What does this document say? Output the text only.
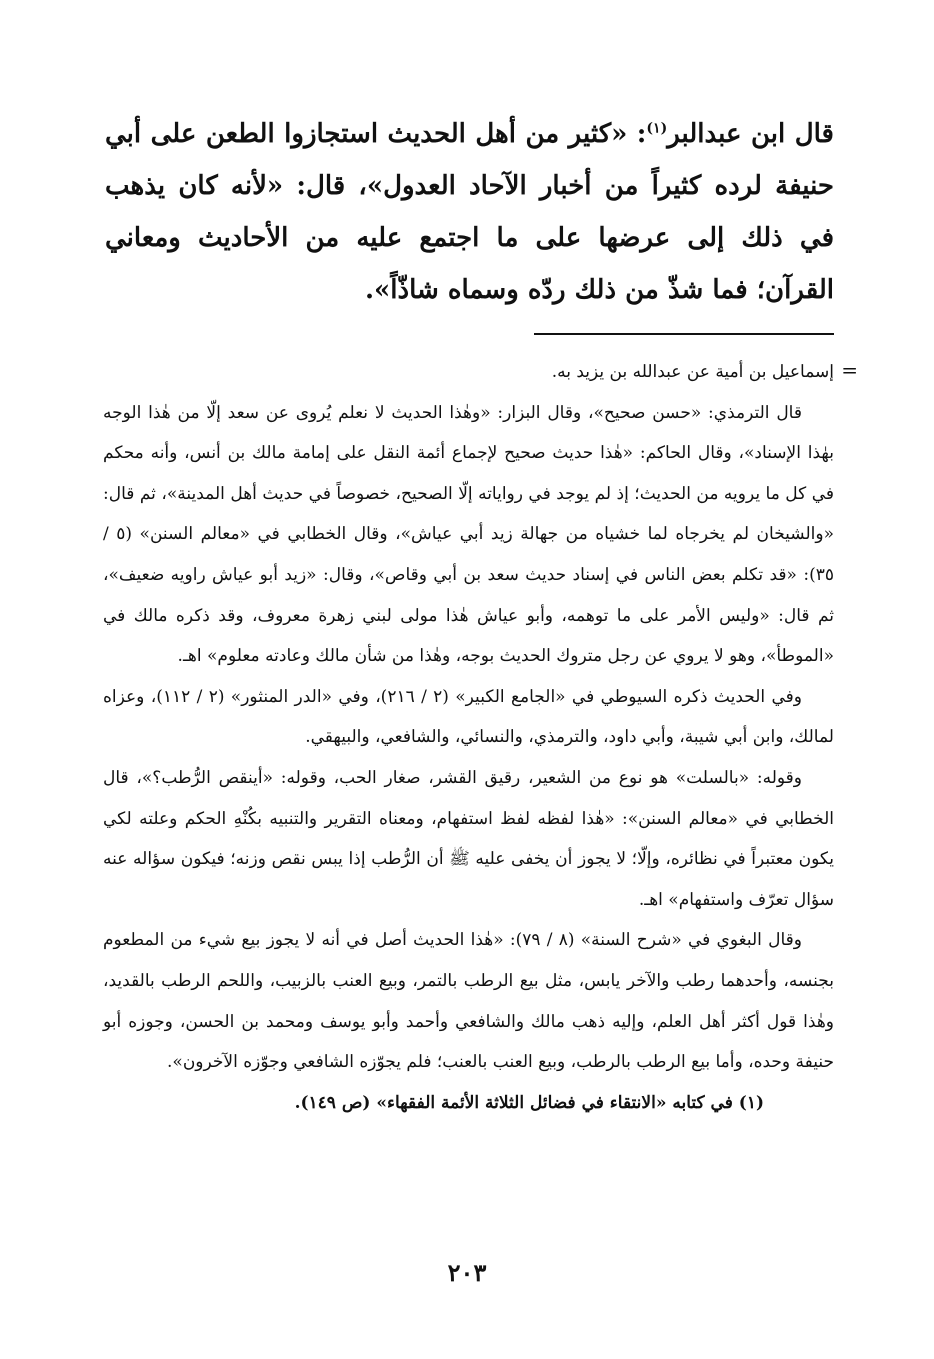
قال ابن عبدالبر$^{(١)}$: «كثير من أهل الحديث استجازوا الطعن على أبي حنيفة لرده كثيراً من أخبار الآحاد العدول»، قال: «لأنه كان يذهب في ذلك إلى عرضها على ما اجتمع عليه من الأحاديث ومعاني القرآن؛ فما شذّ من ذلك ردّه وسماه شاذّاً».

=

إسماعيل بن أمية عن عبدالله بن يزيد به.

قال الترمذي: «حسن صحيح»، وقال البزار: «وهٰذا الحديث لا نعلم يُروى عن سعد إلّا من هٰذا الوجه بهٰذا الإسناد»، وقال الحاكم: «هٰذا حديث صحيح لإجماع أئمة النقل على إمامة مالك بن أنس، وأنه محكم في كل ما يرويه من الحديث؛ إذ لم يوجد في رواياته إلّا الصحيح، خصوصاً في حديث أهل المدينة»، ثم قال: «والشيخان لم يخرجاه لما خشياه من جهالة زيد أبي عياش»، وقال الخطابي في «معالم السنن» (٥ / ٣٥): «قد تكلم بعض الناس في إسناد حديث سعد بن أبي وقاص»، وقال: «زيد أبو عياش راويه ضعيف»، ثم قال: «وليس الأمر على ما توهمه، وأبو عياش هٰذا مولى لبني زهرة معروف، وقد ذكره مالك في «الموطأ»، وهو لا يروي عن رجل متروك الحديث بوجه، وهٰذا من شأن مالك وعادته معلوم» اهـ.

وفي الحديث ذكره السيوطي في «الجامع الكبير» (٢ / ٢١٦)، وفي «الدر المنثور» (٢ / ١١٢)، وعزاه لمالك، وابن أبي شيبة، وأبي داود، والترمذي، والنسائي، والشافعي، والبيهقي.

وقوله: «بالسلت» هو نوع من الشعير، رقيق القشر، صغار الحب، وقوله: «أينقص الرُّطب؟»، قال الخطابي في «معالم السنن»: «هٰذا لفظه لفظ استفهام، ومعناه التقرير والتنبيه بكُنْهِ الحكم وعلته لكي يكون معتبراً في نظائره، وإلّا؛ لا يجوز أن يخفى عليه ﷺ أن الرُّطب إذا يبس نقص وزنه؛ فيكون سؤاله عنه سؤال تعرّف واستفهام» اهـ.

وقال البغوي في «شرح السنة» (٨ / ٧٩): «هٰذا الحديث أصل في أنه لا يجوز بيع شيء من المطعوم بجنسه، وأحدهما رطب والآخر يابس، مثل بيع الرطب بالتمر، وبيع العنب بالزبيب، واللحم الرطب بالقديد، وهٰذا قول أكثر أهل العلم، وإليه ذهب مالك والشافعي وأحمد وأبو يوسف ومحمد بن الحسن، وجوزه أبو حنيفة وحده، وأما بيع الرطب بالرطب، وبيع العنب بالعنب؛ فلم يجوّزه الشافعي وجوّزه الآخرون».

(١) في كتابه «الانتقاء في فضائل الثلاثة الأئمة الفقهاء» (ص ١٤٩).

٢٠٣
